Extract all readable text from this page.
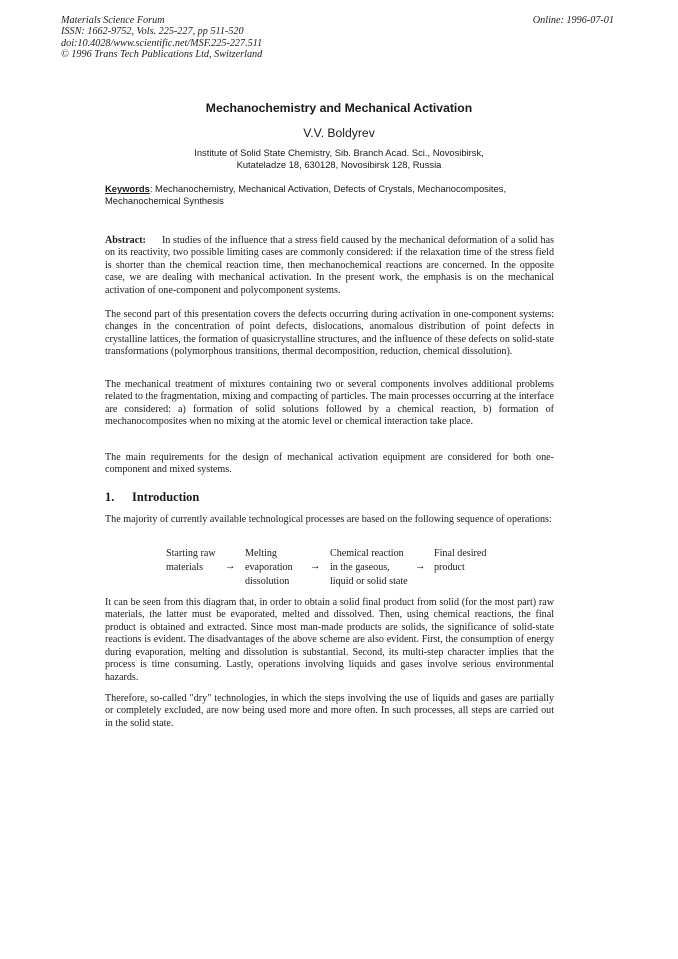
Materials Science Forum
ISSN: 1662-9752, Vols. 225-227, pp 511-520
doi:10.4028/www.scientific.net/MSF.225-227.511
© 1996 Trans Tech Publications Ltd, Switzerland
Online: 1996-07-01
Mechanochemistry and Mechanical Activation
V.V. Boldyrev
Institute of Solid State Chemistry, Sib. Branch Acad. Sci., Novosibirsk,
Kutateladze 18, 630128, Novosibirsk 128, Russia
Keywords: Mechanochemistry, Mechanical Activation, Defects of Crystals, Mechanocomposites, Mechanochemical Synthesis

Abstract: In studies of the influence that a stress field caused by the mechanical deformation of a solid has on its reactivity, two possible limiting cases are commonly considered: if the relaxation time of the stress field is shorter than the chemical reaction time, then mechanochemical reactions are concerned. In the opposite case, we are dealing with mechanical activation. In the present work, the emphasis is on the mechanical activation of one-component and polycomponent systems.

The second part of this presentation covers the defects occurring during activation in one-component systems: changes in the concentration of point defects, dislocations, anomalous distribution of point defects in crystalline lattices, the formation of quasicrystalline structures, and the influence of these defects on solid-state transformations (polymorphous transitions, thermal decomposition, reduction, chemical dissolution).

The mechanical treatment of mixtures containing two or several components involves additional problems related to the fragmentation, mixing and compacting of particles. The main processes occurring at the interface are considered: a) formation of solid solutions followed by a chemical reaction, b) formation of mechanocomposites when no mixing at the atomic level or chemical interaction take place.

The main requirements for the design of mechanical activation equipment are considered for both one-component and mixed systems.

1. Introduction

The majority of currently available technological processes are based on the following sequence of operations:

Starting raw
materials	→
Melting
evaporation
dissolution
→
Chemical reaction
in the gaseous,
liquid or solid state
→
Final desired
product

It can be seen from this diagram that, in order to obtain a solid final product from solid (for the most part) raw materials, the latter must be evaporated, melted and dissolved. Then, using chemical reactions, the final product is obtained and extracted. Since most man-made products are solids, the significance of solid-state reactions is evident. The disadvantages of the above scheme are also evident. First, the consumption of energy during evaporation, melting and dissolution is substantial. Second, its multi-step character implies that the process is time consuming. Lastly, operations involving liquids and gases involve serious environmental hazards.

Therefore, so-called "dry" technologies, in which the steps involving the use of liquids and gases are partially or completely excluded, are now being used more and more often. In such processes, all steps are carried out in the solid state.
